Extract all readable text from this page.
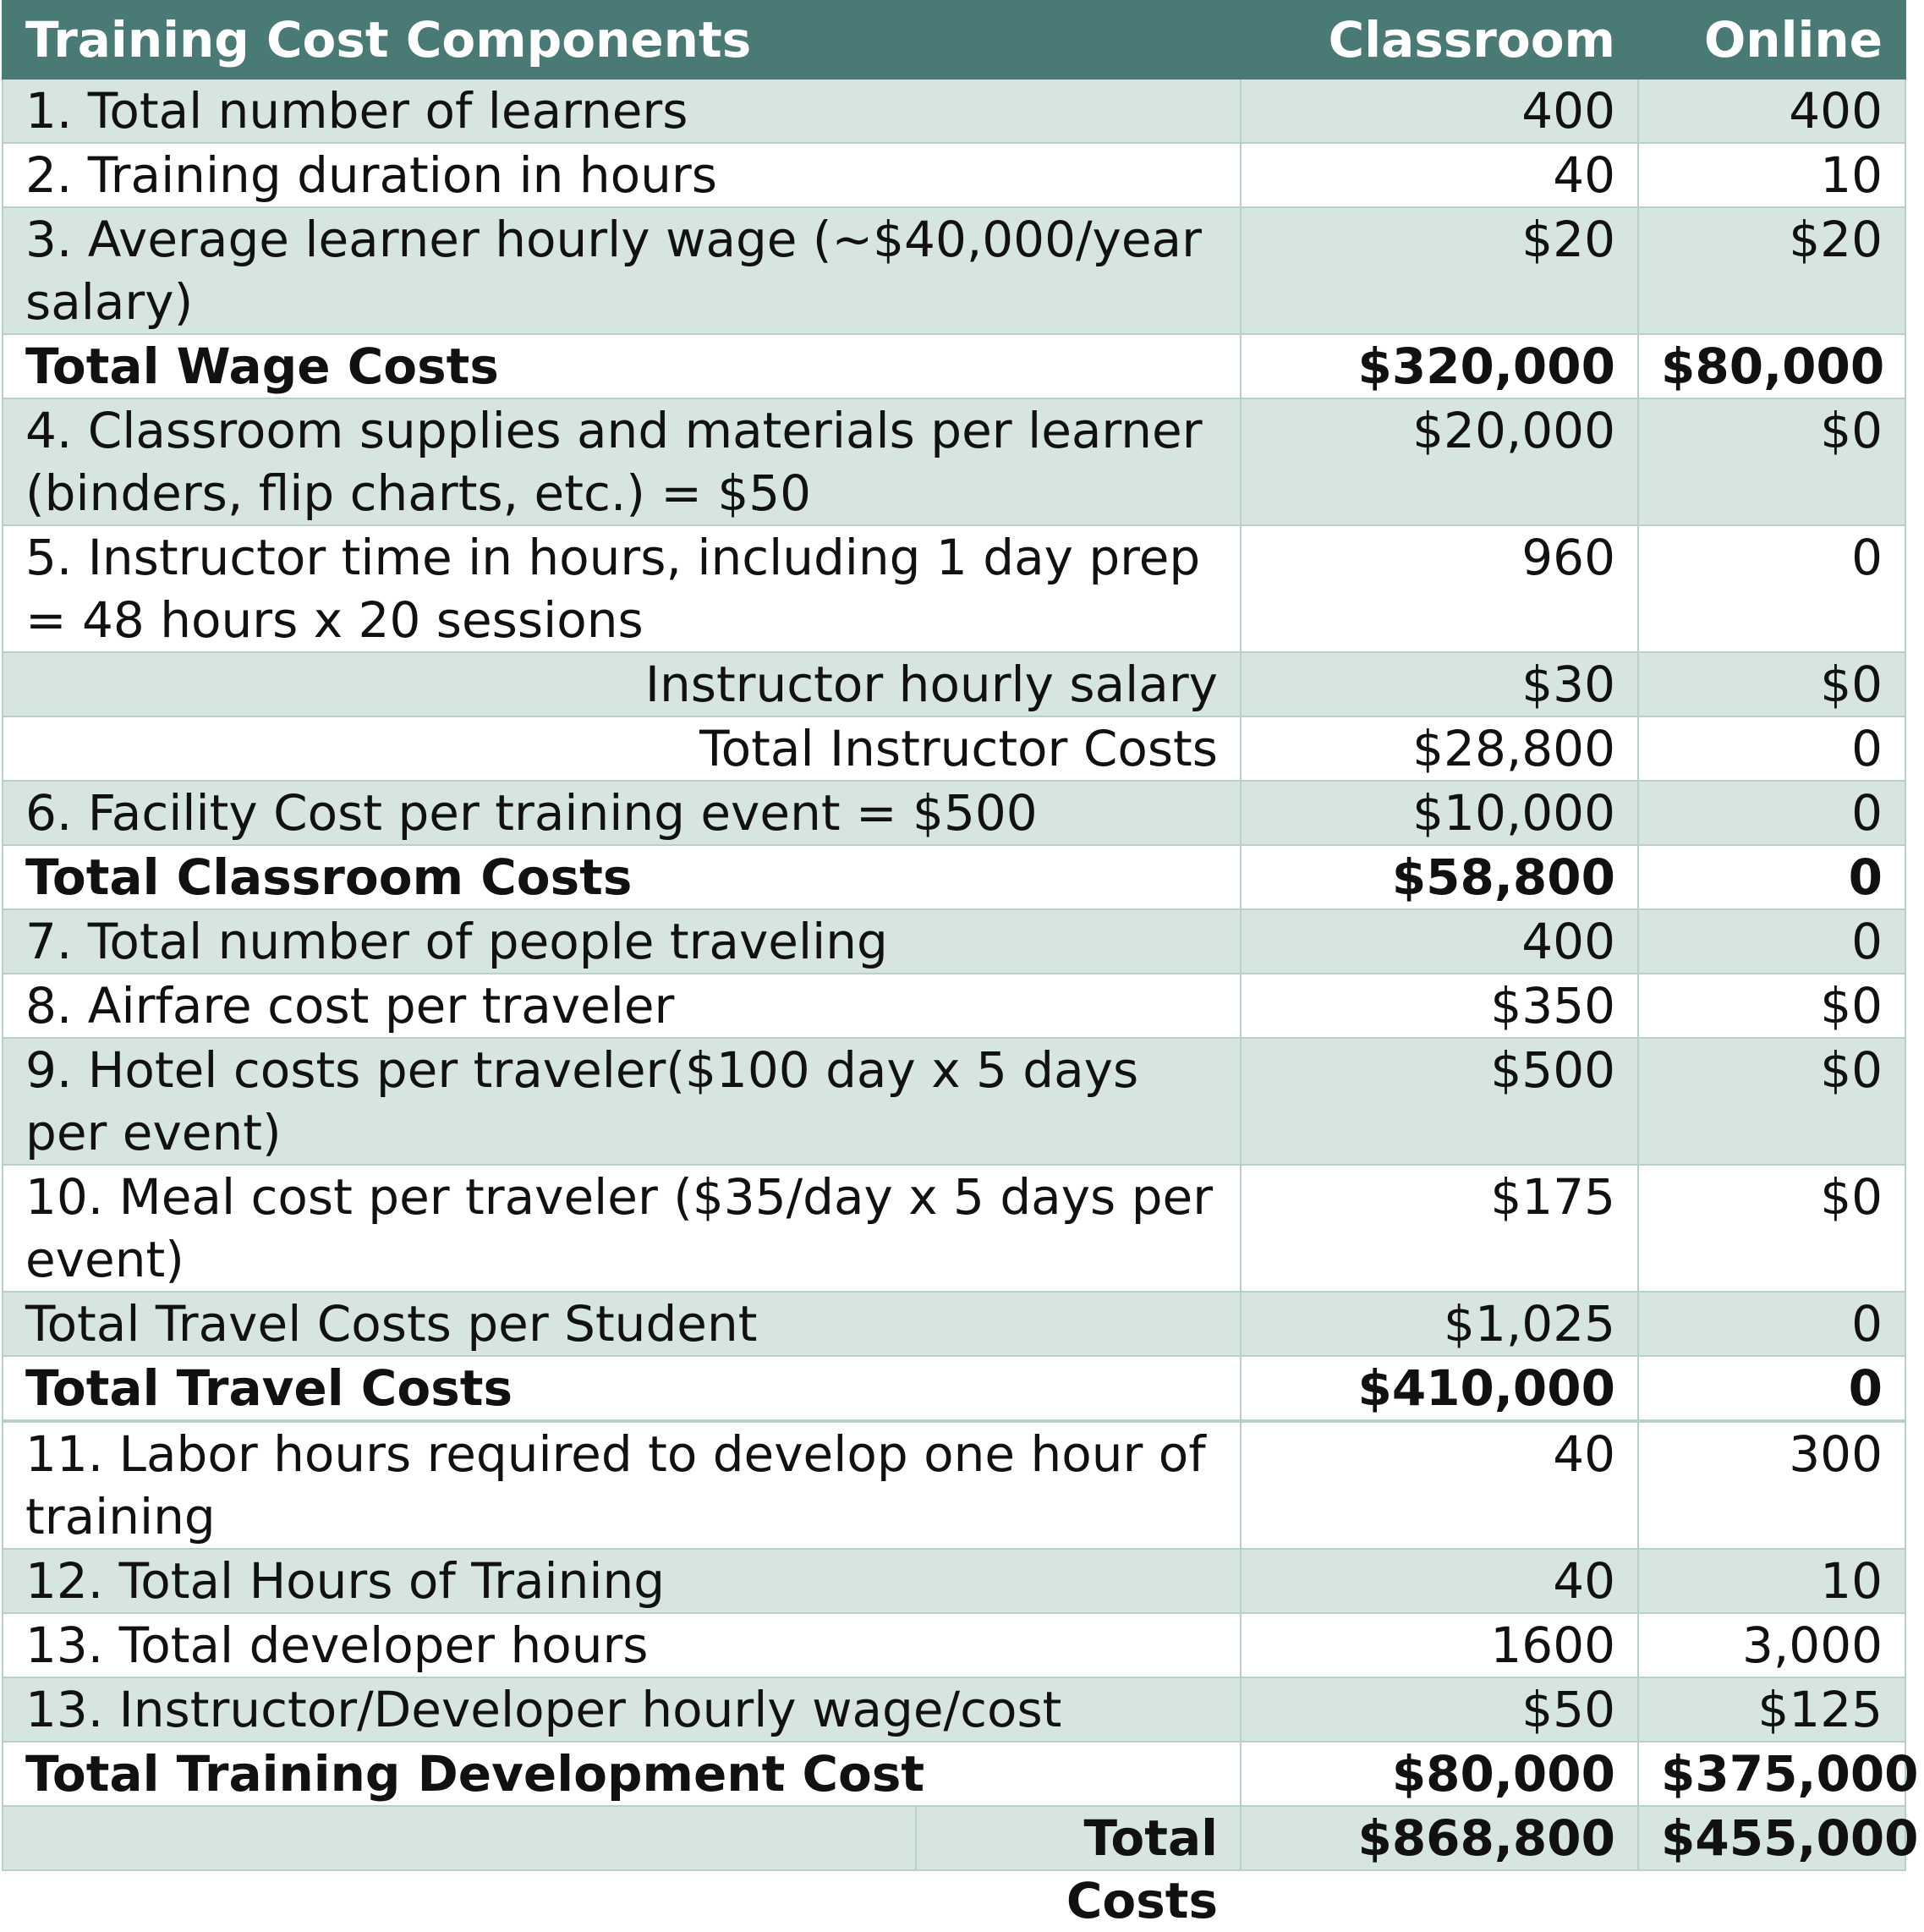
Training Cost Components	Classroom	Online
1. Total number of learners	400	400
2. Training duration in hours	40	10
3. Average learner hourly wage (~$40,000/year salary)	$20	$20
Total Wage Costs	$320,000	$80,000
4. Classroom supplies and materials per learner (binders, flip charts, etc.) = $50	$20,000	$0
5. Instructor time in hours, including 1 day prep = 48 hours x 20 sessions	960	0
Instructor hourly salary	$30	$0
Total Instructor Costs	$28,800	0
6. Facility Cost per training event = $500	$10,000	0
Total Classroom Costs	$58,800	0
7. Total number of people traveling	400	0
8. Airfare cost per traveler	$350	$0
9. Hotel costs per traveler($100 day x 5 days per event)	$500	$0
10. Meal cost per traveler ($35/day x 5 days per event)	$175	$0
Total Travel Costs per Student	$1,025	0
Total Travel Costs	$410,000	0
11. Labor hours required to develop one hour of training	40	300
12. Total Hours of Training	40	10
13. Total developer hours	1600	3,000
13. Instructor/Developer hourly wage/cost	$50	$125
Total Training Development Cost	$80,000	$375,000

Total Costs	$868,800	$455,000
